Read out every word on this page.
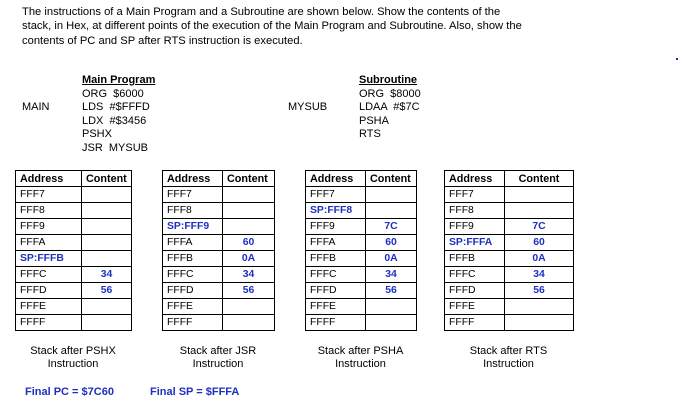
The instructions of a Main Program and a Subroutine are shown below. Show the contents of the

stack, in Hex, at different points of the execution of the Main Program and Subroutine. Also, show the

contents of PC and SP after RTS instruction is executed.

MAIN
Main Program
ORG  $6000
LDS  #$FFFD
LDX  #$3456
PSHX
JSR  MYSUB
MYSUB
Subroutine
ORG  $8000
LDAA  #$7C
PSHA
RTS
Address	Content
FFF7	
FFF8	
FFF9	
FFFA	
SP:FFFB	
FFFC	34
FFFD	56
FFFE	
FFFF	
Address	Content
FFF7	
FFF8	
SP:FFF9	
FFFA	60
FFFB	0A
FFFC	34
FFFD	56
FFFE	
FFFF	
Address	Content
FFF7	
SP:FFF8	
FFF9	7C
FFFA	60
FFFB	0A
FFFC	34
FFFD	56
FFFE	
FFFF	
Address	Content
FFF7	
FFF8	
FFF9	7C
SP:FFFA	60
FFFB	0A
FFFC	34
FFFD	56
FFFE	
FFFF	
Stack after PSHX
Instruction
Stack after JSR
Instruction
Stack after PSHA
Instruction
Stack after RTS
Instruction
Final PC = $7C60	Final SP = $FFFA
